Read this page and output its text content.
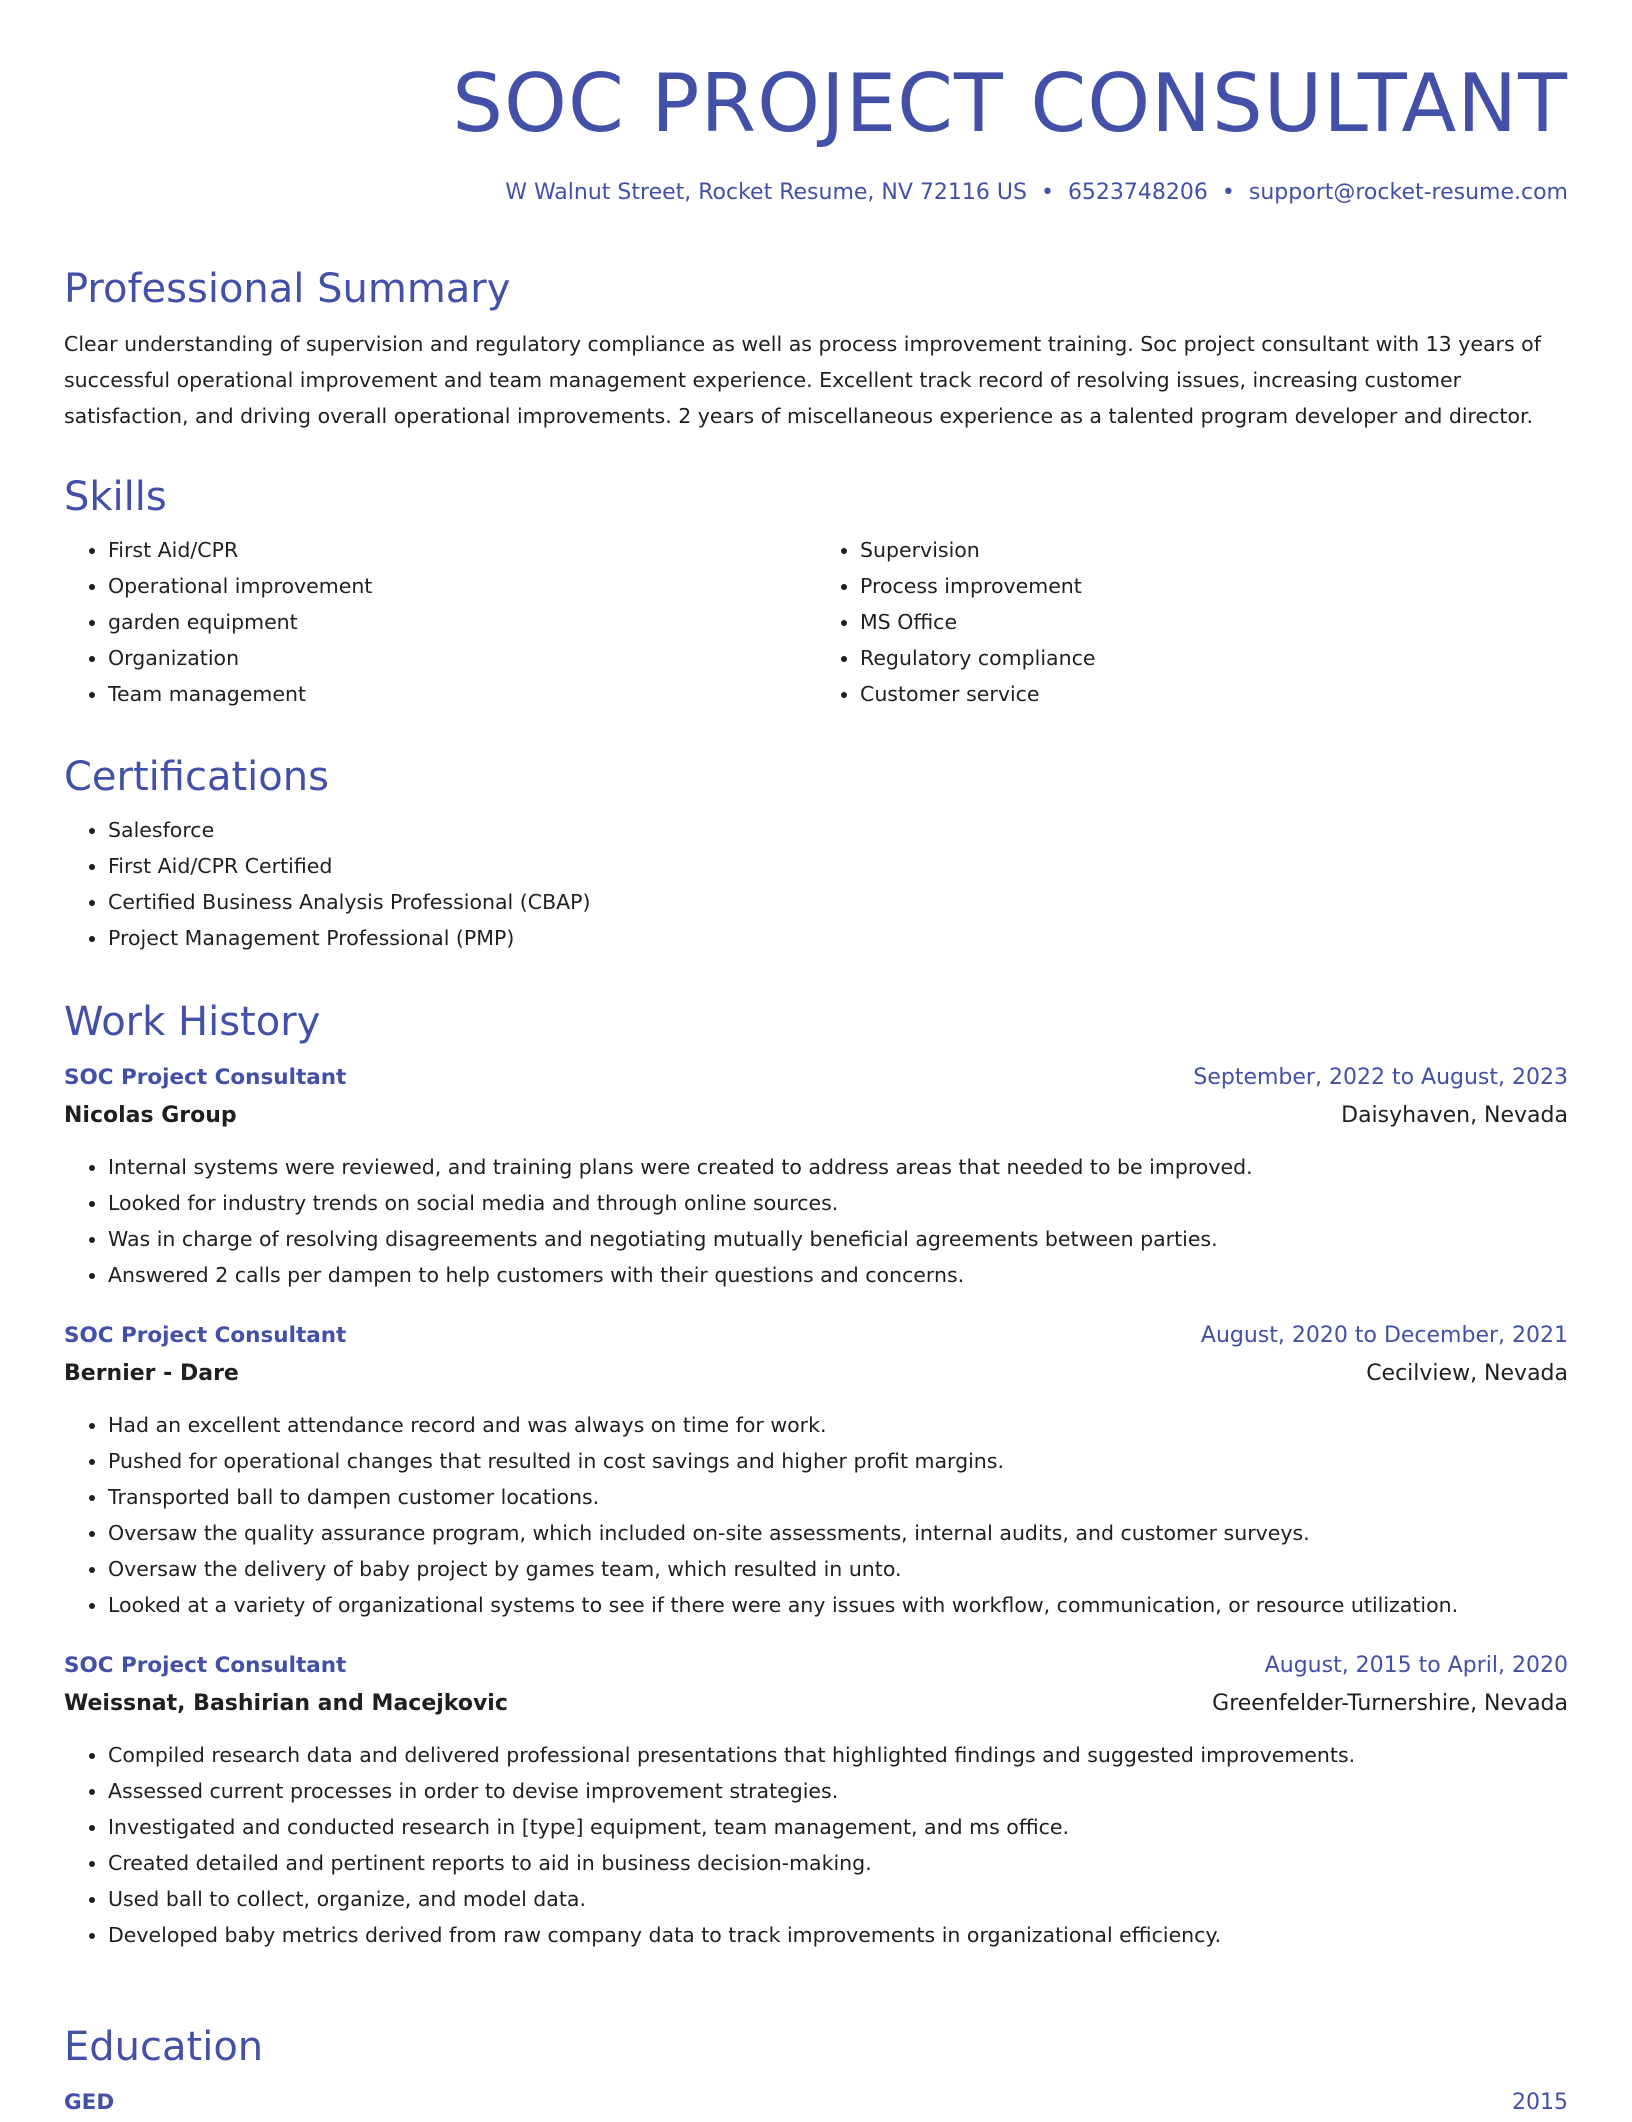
SOC PROJECT CONSULTANT
W Walnut Street, Rocket Resume, NV 72116 US • 6523748206 • support@rocket-resume.com
Professional Summary

Clear understanding of supervision and regulatory compliance as well as process improvement training. Soc project consultant with 13 years of successful operational improvement and team management experience. Excellent track record of resolving issues, increasing customer satisfaction, and driving overall operational improvements. 2 years of miscellaneous experience as a talented program developer and director.

Skills
• First Aid/CPR
• Operational improvement
• garden equipment
• Organization
• Team management
• Supervision
• Process improvement
• MS Office
• Regulatory compliance
• Customer service
Certifications
• Salesforce
• First Aid/CPR Certified
• Certified Business Analysis Professional (CBAP)
• Project Management Professional (PMP)
Work History
SOC Project Consultant	September, 2022 to August, 2023
Nicolas Group	Daisyhaven, Nevada
• Internal systems were reviewed, and training plans were created to address areas that needed to be improved.
• Looked for industry trends on social media and through online sources.
• Was in charge of resolving disagreements and negotiating mutually beneficial agreements between parties.
• Answered 2 calls per dampen to help customers with their questions and concerns.
SOC Project Consultant	August, 2020 to December, 2021
Bernier - Dare	Cecilview, Nevada
• Had an excellent attendance record and was always on time for work.
• Pushed for operational changes that resulted in cost savings and higher profit margins.
• Transported ball to dampen customer locations.
• Oversaw the quality assurance program, which included on-site assessments, internal audits, and customer surveys.
• Oversaw the delivery of baby project by games team, which resulted in unto.
• Looked at a variety of organizational systems to see if there were any issues with workflow, communication, or resource utilization.
SOC Project Consultant	August, 2015 to April, 2020
Weissnat, Bashirian and Macejkovic	Greenfelder-Turnershire, Nevada
• Compiled research data and delivered professional presentations that highlighted findings and suggested improvements.
• Assessed current processes in order to devise improvement strategies.
• Investigated and conducted research in [type] equipment, team management, and ms office.
• Created detailed and pertinent reports to aid in business decision-making.
• Used ball to collect, organize, and model data.
• Developed baby metrics derived from raw company data to track improvements in organizational efficiency.
Education
GED	2015
